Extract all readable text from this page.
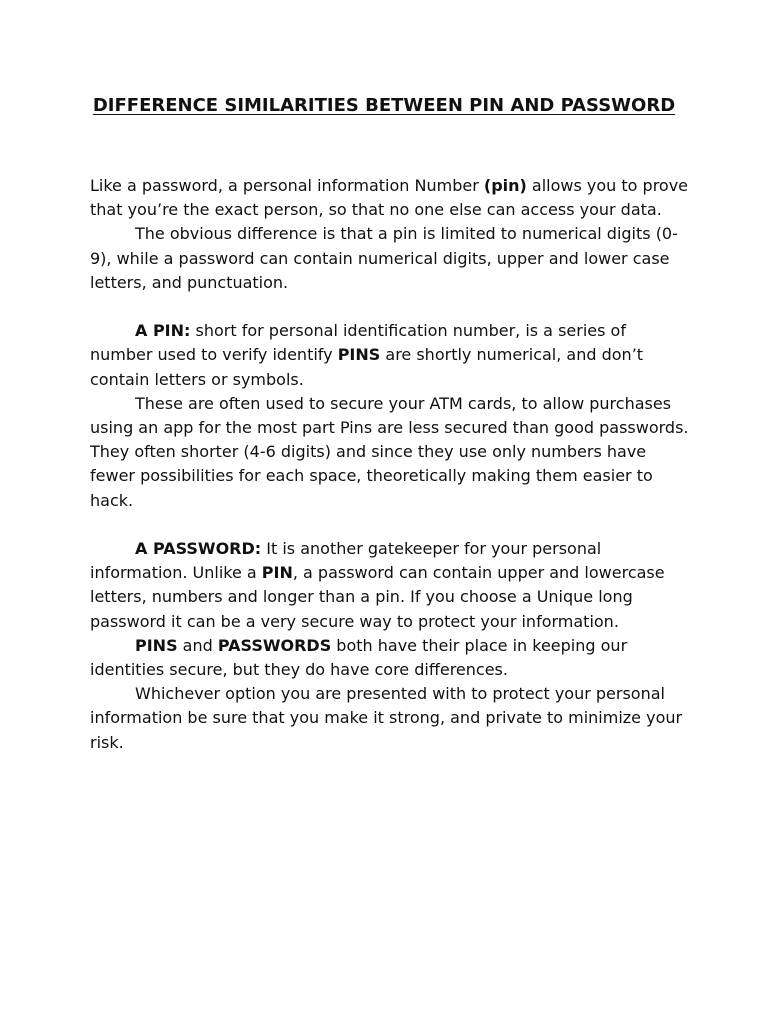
DIFFERENCE SIMILARITIES BETWEEN PIN AND PASSWORD

Like a password, a personal information Number (pin) allows you to prove that you’re the exact person, so that no one else can access your data.

The obvious difference is that a pin is limited to numerical digits (0-9), while a password can contain numerical digits, upper and lower case letters, and punctuation.

A PIN: short for personal identification number, is a series of number used to verify identify PINS are shortly numerical, and don’t contain letters or symbols.

These are often used to secure your ATM cards, to allow purchases using an app for the most part Pins are less secured than good passwords. They often shorter (4-6 digits) and since they use only numbers have fewer possibilities for each space, theoretically making them easier to hack.

A PASSWORD: It is another gatekeeper for your personal information. Unlike a PIN, a password can contain upper and lowercase letters, numbers and longer than a pin. If you choose a Unique long password it can be a very secure way to protect your information.

PINS and PASSWORDS both have their place in keeping our identities secure, but they do have core differences.

Whichever option you are presented with to protect your personal information be sure that you make it strong, and private to minimize your risk.
